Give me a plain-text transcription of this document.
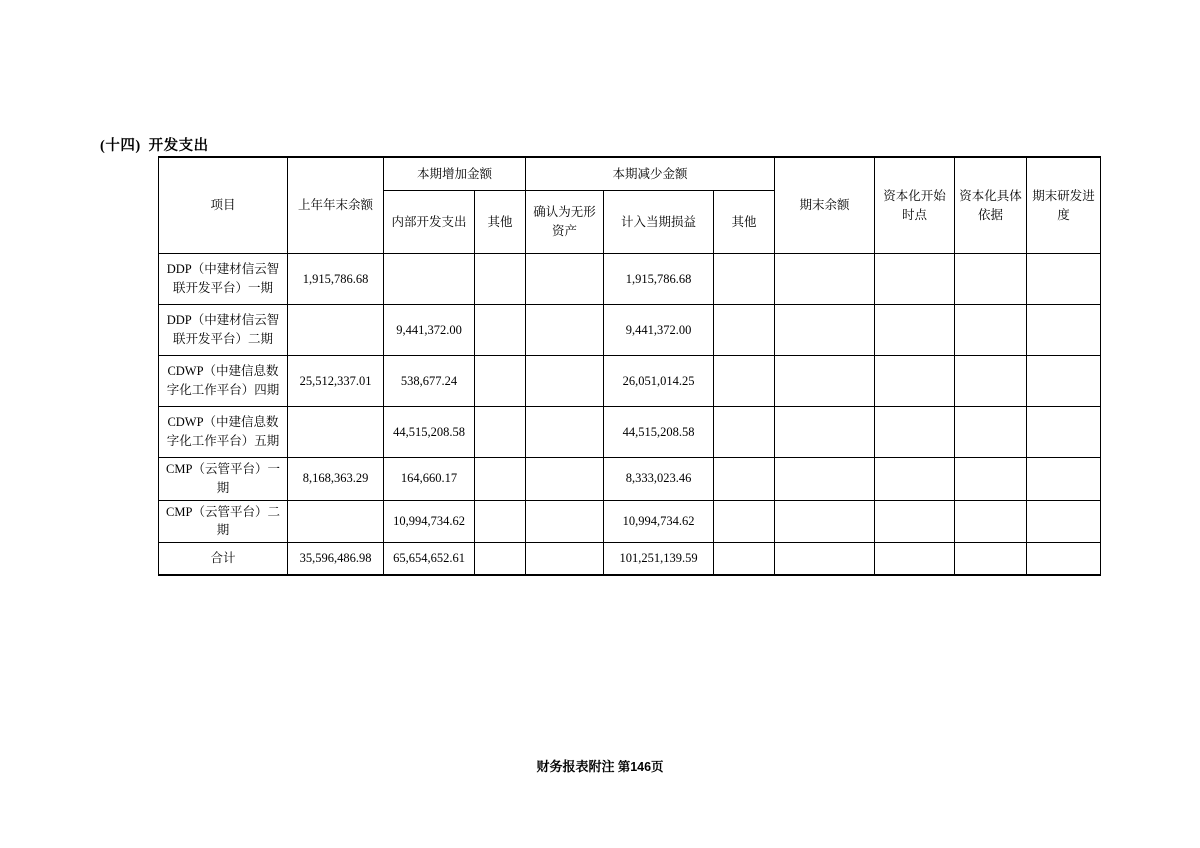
(十四) 开发支出
项目	上年年末余额	本期增加金额		本期减少金额			期末余额	资本化开始时点	资本化具体依据	期末研发进度
		内部开发支出	其他	确认为无形资产	计入当期损益	其他				
DDP（中建材信云智联开发平台）一期	1,915,786.68				1,915,786.68					
DDP（中建材信云智联开发平台）二期		9,441,372.00			9,441,372.00					
CDWP（中建信息数字化工作平台）四期	25,512,337.01	538,677.24			26,051,014.25					
CDWP（中建信息数字化工作平台）五期		44,515,208.58			44,515,208.58					
CMP（云管平台）一期	8,168,363.29	164,660.17			8,333,023.46					
CMP（云管平台）二期		10,994,734.62			10,994,734.62					
合计	35,596,486.98	65,654,652.61			101,251,139.59					
财务报表附注 第146页
